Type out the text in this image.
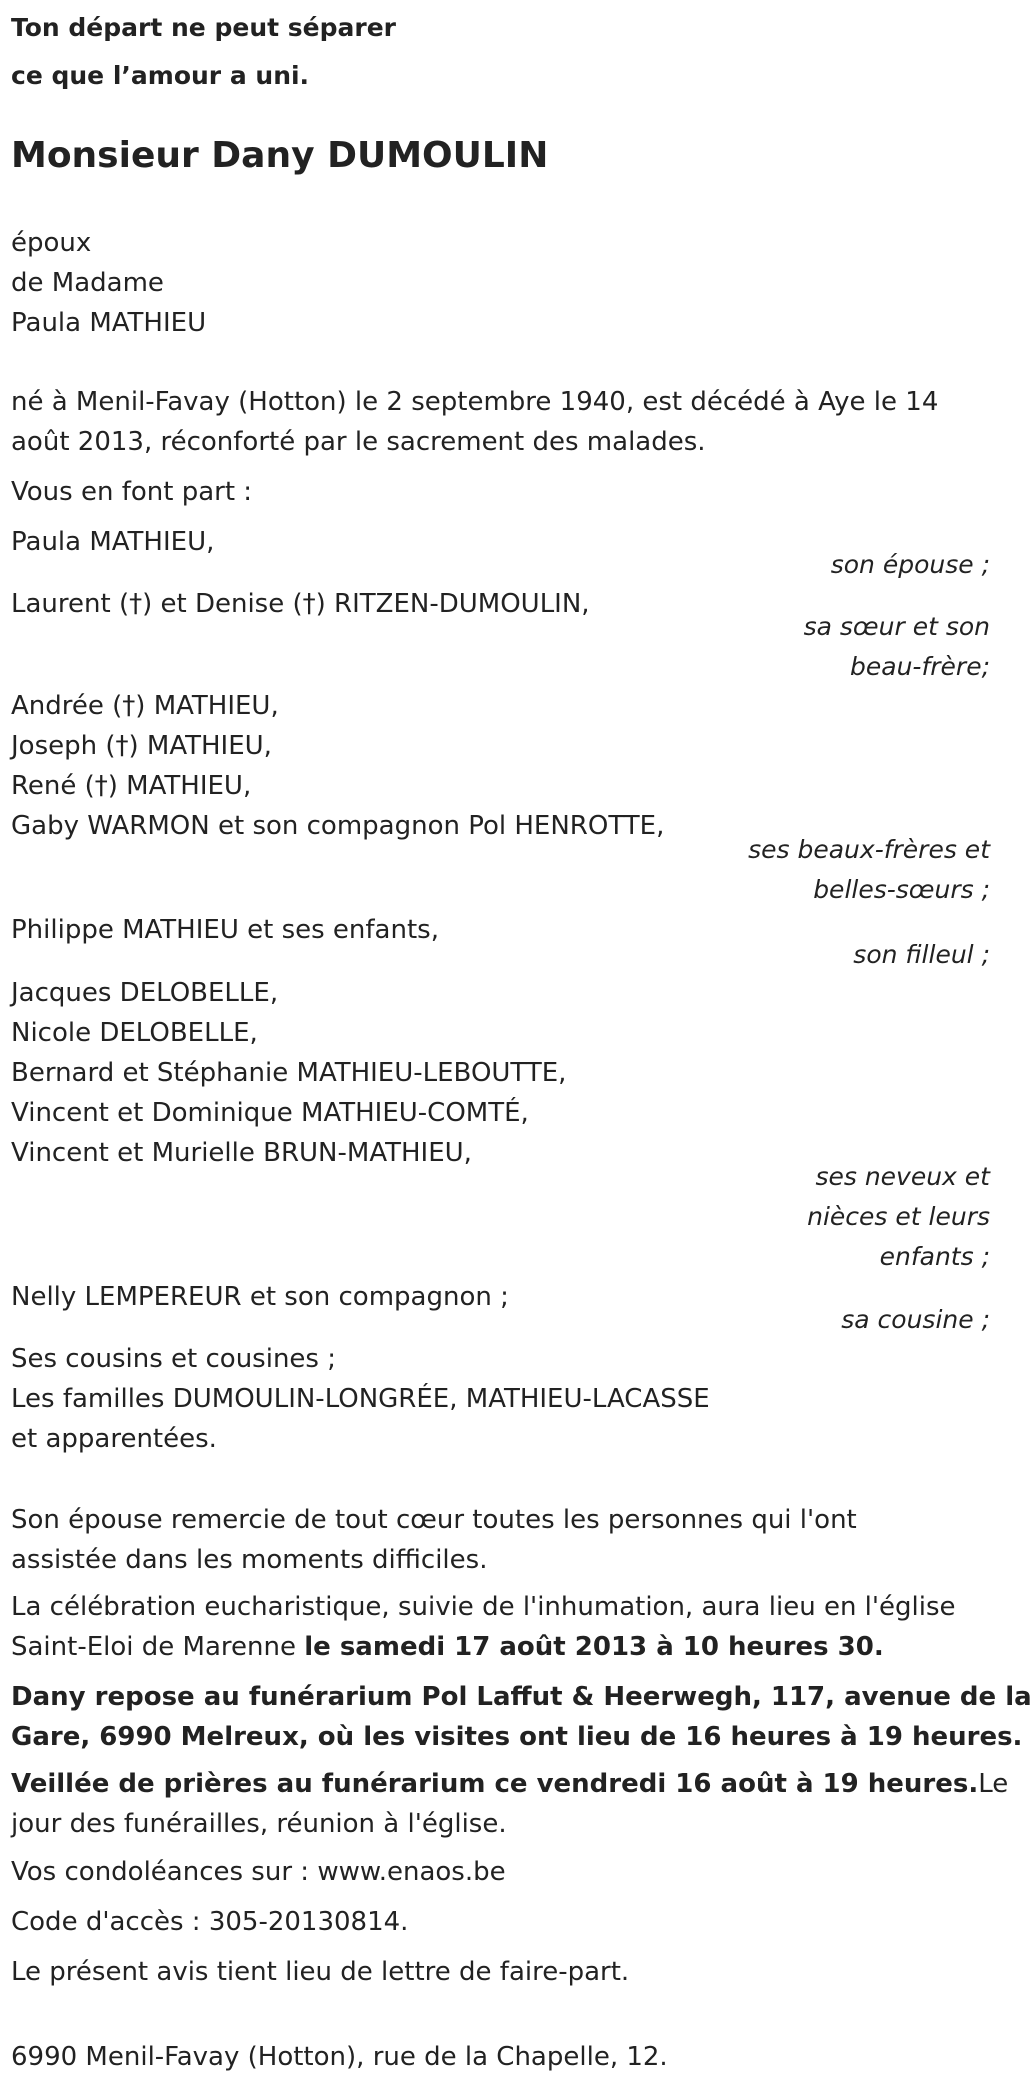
Ton départ ne peut séparer
ce que l’amour a uni.
Monsieur Dany DUMOULIN
époux
de Madame
Paula MATHIEU
né à Menil-Favay (Hotton) le 2 septembre 1940, est décédé à Aye le 14
août 2013, réconforté par le sacrement des malades.
Vous en font part :
Paula MATHIEU,
son épouse ;
Laurent (†) et Denise (†) RITZEN-DUMOULIN,
sa sœur et son
beau-frère;
Andrée (†) MATHIEU,
Joseph (†) MATHIEU,
René (†) MATHIEU,
Gaby WARMON et son compagnon Pol HENROTTE,
ses beaux-frères et
belles-sœurs ;
Philippe MATHIEU et ses enfants,
son filleul ;
Jacques DELOBELLE,
Nicole DELOBELLE,
Bernard et Stéphanie MATHIEU-LEBOUTTE,
Vincent et Dominique MATHIEU-COMTÉ,
Vincent et Murielle BRUN-MATHIEU,
ses neveux et
nièces et leurs
enfants ;
Nelly LEMPEREUR et son compagnon ;
sa cousine ;
Ses cousins et cousines ;
Les familles DUMOULIN-LONGRÉE, MATHIEU-LACASSE
et apparentées.
Son épouse remercie de tout cœur toutes les personnes qui l'ont
assistée dans les moments difficiles.
La célébration eucharistique, suivie de l'inhumation, aura lieu en l'église
Saint-Eloi de Marenne le samedi 17 août 2013 à 10 heures 30.
Dany repose au funérarium Pol Laffut & Heerwegh, 117, avenue de la
Gare, 6990 Melreux, où les visites ont lieu de 16 heures à 19 heures.
Veillée de prières au funérarium ce vendredi 16 août à 19 heures.Le
jour des funérailles, réunion à l'église.
Vos condoléances sur : www.enaos.be
Code d'accès : 305-20130814.
Le présent avis tient lieu de lettre de faire-part.
6990 Menil-Favay (Hotton), rue de la Chapelle, 12.
